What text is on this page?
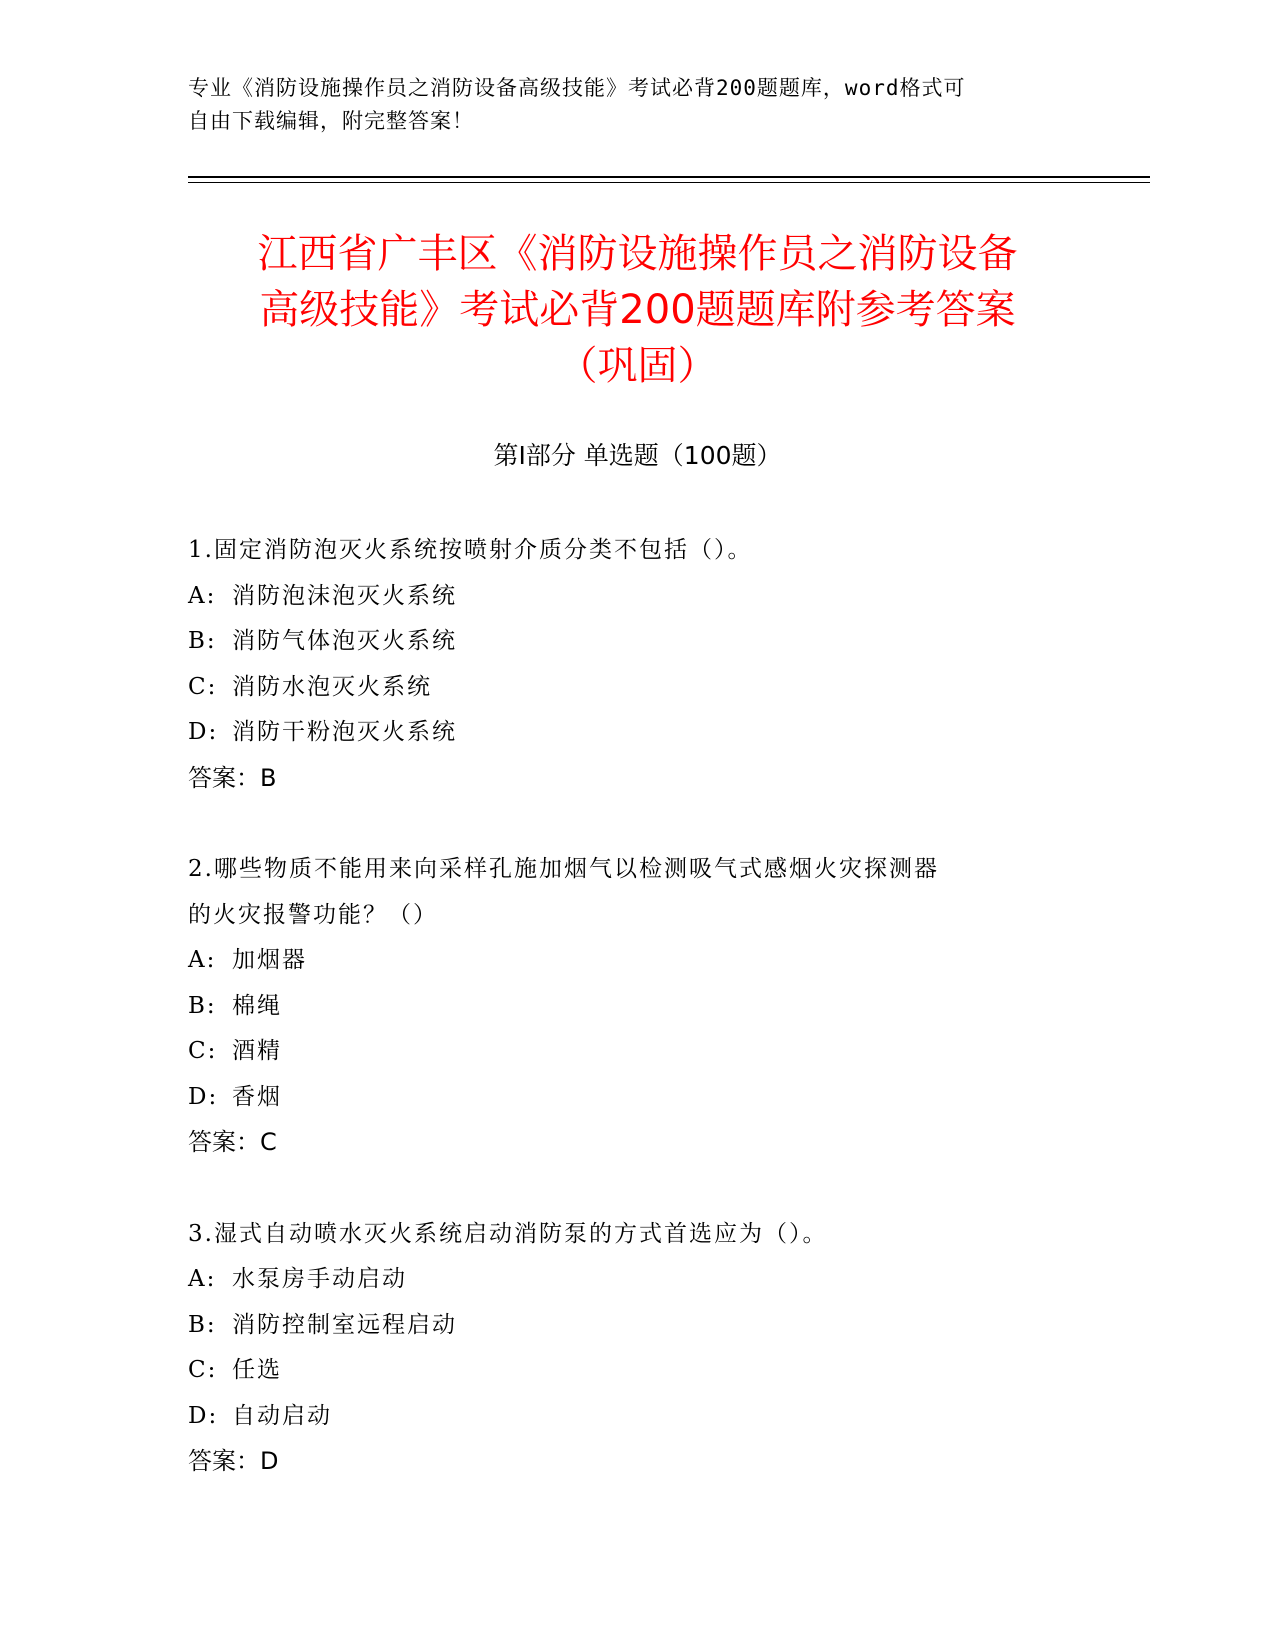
专业《消防设施操作员之消防设备高级技能》考试必背200题题库，word格式可
自由下载编辑，附完整答案！
江西省广丰区《消防设施操作员之消防设备
高级技能》考试必背200题题库附参考答案
（巩固）
第Ⅰ部分 单选题（100题）

1.固定消防泡灭火系统按喷射介质分类不包括（）。

A: 消防泡沫泡灭火系统

B: 消防气体泡灭火系统

C: 消防水泡灭火系统

D: 消防干粉泡灭火系统

答案：B

2.哪些物质不能用来向采样孔施加烟气以检测吸气式感烟火灾探测器

的火灾报警功能？（）

A: 加烟器

B: 棉绳

C: 酒精

D: 香烟

答案：C

3.湿式自动喷水灭火系统启动消防泵的方式首选应为（）。

A: 水泵房手动启动

B: 消防控制室远程启动

C: 任选

D: 自动启动

答案：D
